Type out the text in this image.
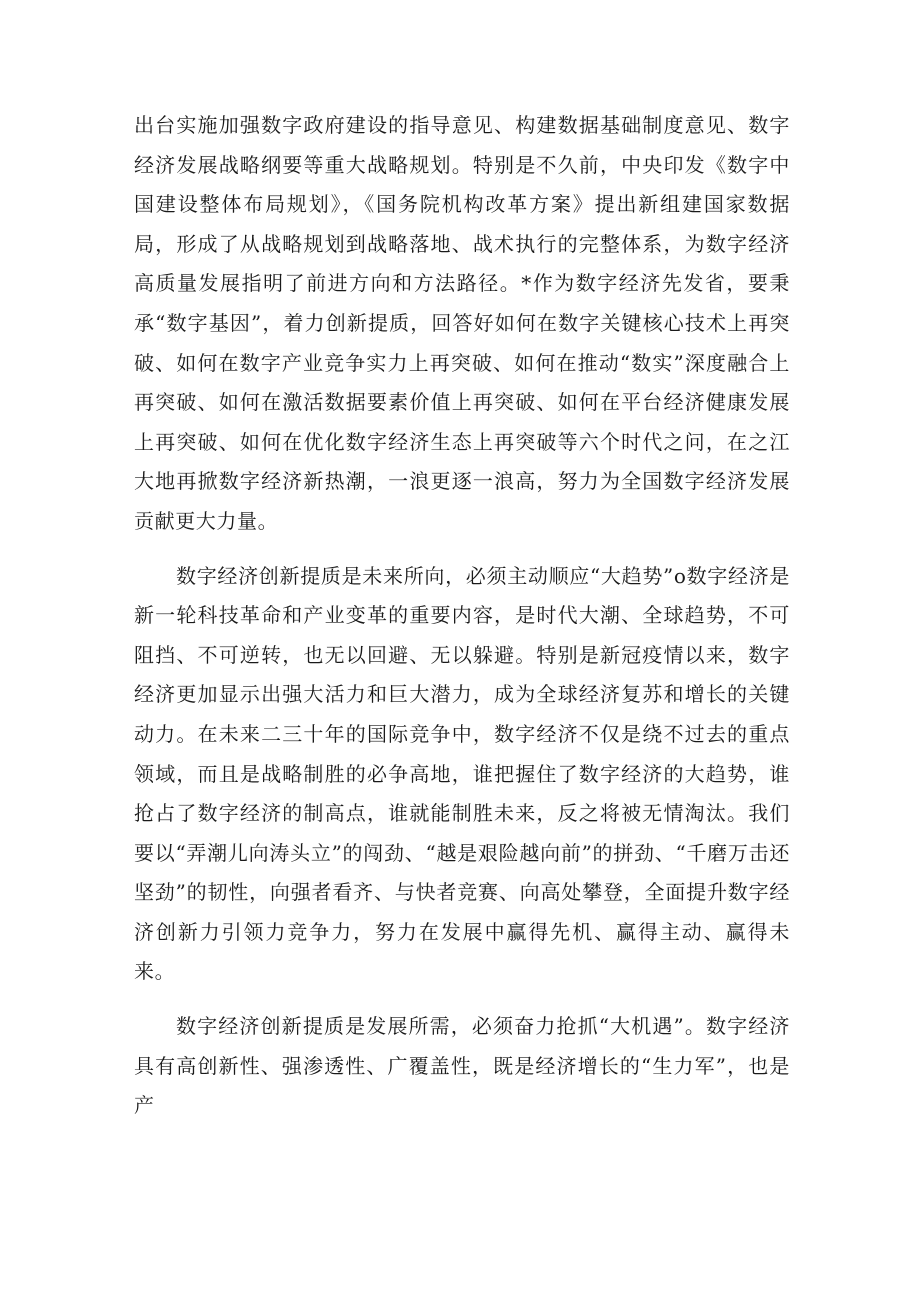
出台实施加强数字政府建设的指导意见、构建数据基础制度意见、数字经济发展战略纲要等重大战略规划。特别是不久前，中央印发《数字中国建设整体布局规划》，《国务院机构改革方案》提出新组建国家数据局，形成了从战略规划到战略落地、战术执行的完整体系，为数字经济高质量发展指明了前进方向和方法路径。*作为数字经济先发省，要秉承“数字基因”，着力创新提质，回答好如何在数字关键核心技术上再突破、如何在数字产业竞争实力上再突破、如何在推动“数实”深度融合上再突破、如何在激活数据要素价值上再突破、如何在平台经济健康发展上再突破、如何在优化数字经济生态上再突破等六个时代之问，在之江大地再掀数字经济新热潮，一浪更逐一浪高，努力为全国数字经济发展贡献更大力量。

数字经济创新提质是未来所向，必须主动顺应“大趋势”o数字经济是新一轮科技革命和产业变革的重要内容，是时代大潮、全球趋势，不可阻挡、不可逆转，也无以回避、无以躲避。特别是新冠疫情以来，数字经济更加显示出强大活力和巨大潜力，成为全球经济复苏和增长的关键动力。在未来二三十年的国际竞争中，数字经济不仅是绕不过去的重点领域，而且是战略制胜的必争高地，谁把握住了数字经济的大趋势，谁抢占了数字经济的制高点，谁就能制胜未来，反之将被无情淘汰。我们要以“弄潮儿向涛头立”的闯劲、“越是艰险越向前”的拼劲、“千磨万击还坚劲”的韧性，向强者看齐、与快者竞赛、向高处攀登，全面提升数字经济创新力引领力竞争力，努力在发展中赢得先机、赢得主动、赢得未来。

数字经济创新提质是发展所需，必须奋力抢抓“大机遇”。数字经济具有高创新性、强渗透性、广覆盖性，既是经济增长的“生力军”，也是产
